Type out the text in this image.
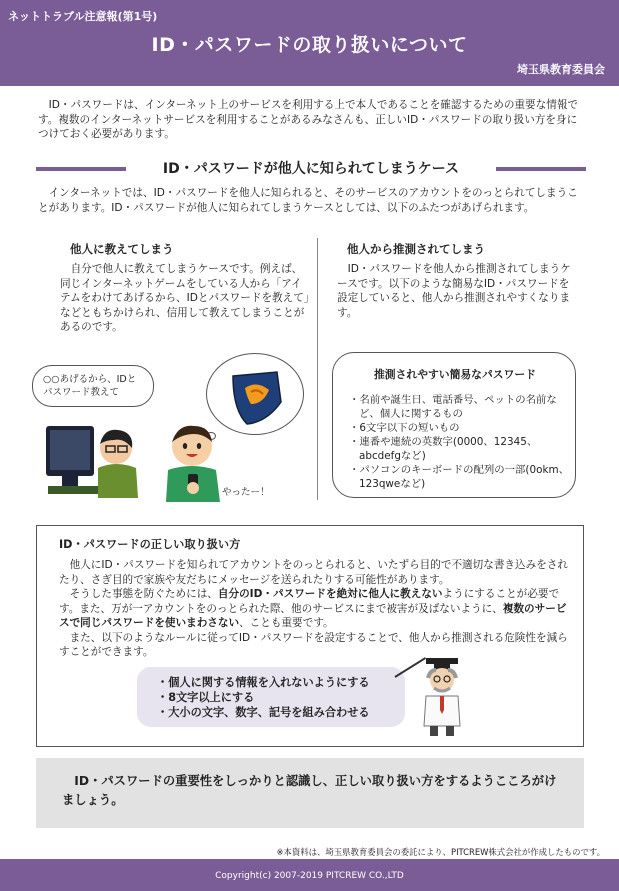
ネットトラブル注意報(第1号)
ID・パスワードの取り扱いについて
埼玉県教育委員会

ID・パスワードは、インターネット上のサービスを利用する上で本人であることを確認するための重要な情報です。複数のインターネットサービスを利用することがあるみなさんも、正しいID・パスワードの取り扱い方を身につけておく必要があります。

ID・パスワードが他人に知られてしまうケース

インターネットでは、ID・パスワードを他人に知られると、そのサービスのアカウントをのっとられてしまうことがあります。ID・パスワードが他人に知られてしまうケースとしては、以下のふたつがあげられます。

他人に教えてしまう	他人から推測されてしまう

自分で他人に教えてしまうケースです。例えば、同じインターネットゲームをしている人から「アイテムをわけてあげるから、IDとパスワードを教えて」などともちかけられ、信用して教えてしまうことがあるのです。

ID・パスワードを他人から推測されてしまうケースです。以下のような簡易なID・パスワードを設定していると、他人から推測されやすくなります。

○○あげるから、IDとパスワード教えて
やったー！
推測されやすい簡易なパスワード
・名前や誕生日、電話番号、ペットの名前など、個人に関するもの
・6文字以下の短いもの
・連番や連続の英数字(0000、12345、abcdefgなど)
・パソコンのキーボードの配列の一部(0okm、123qweなど)
ID・パスワードの正しい取り扱い方

他人にID・パスワードを知られてアカウントをのっとられると、いたずら目的で不適切な書き込みをされたり、さぎ目的で家族や友だちにメッセージを送られたりする可能性があります。

そうした事態を防ぐためには、自分のID・パスワードを絶対に他人に教えないようにすることが必要です。また、万が一アカウントをのっとられた際、他のサービスにまで被害が及ばないように、複数のサービスで同じパスワードを使いまわさない、ことも重要です。

また、以下のようなルールに従ってID・パスワードを設定することで、他人から推測される危険性を減らすことができます。

・個人に関する情報を入れないようにする
・8文字以上にする
・大小の文字、数字、記号を組み合わせる

ID・パスワードの重要性をしっかりと認識し、正しい取り扱い方をするようこころがけましょう。

※本資料は、埼玉県教育委員会の委託により、PITCREW株式会社が作成したものです。
Copyright(c) 2007-2019 PITCREW CO.,LTD
